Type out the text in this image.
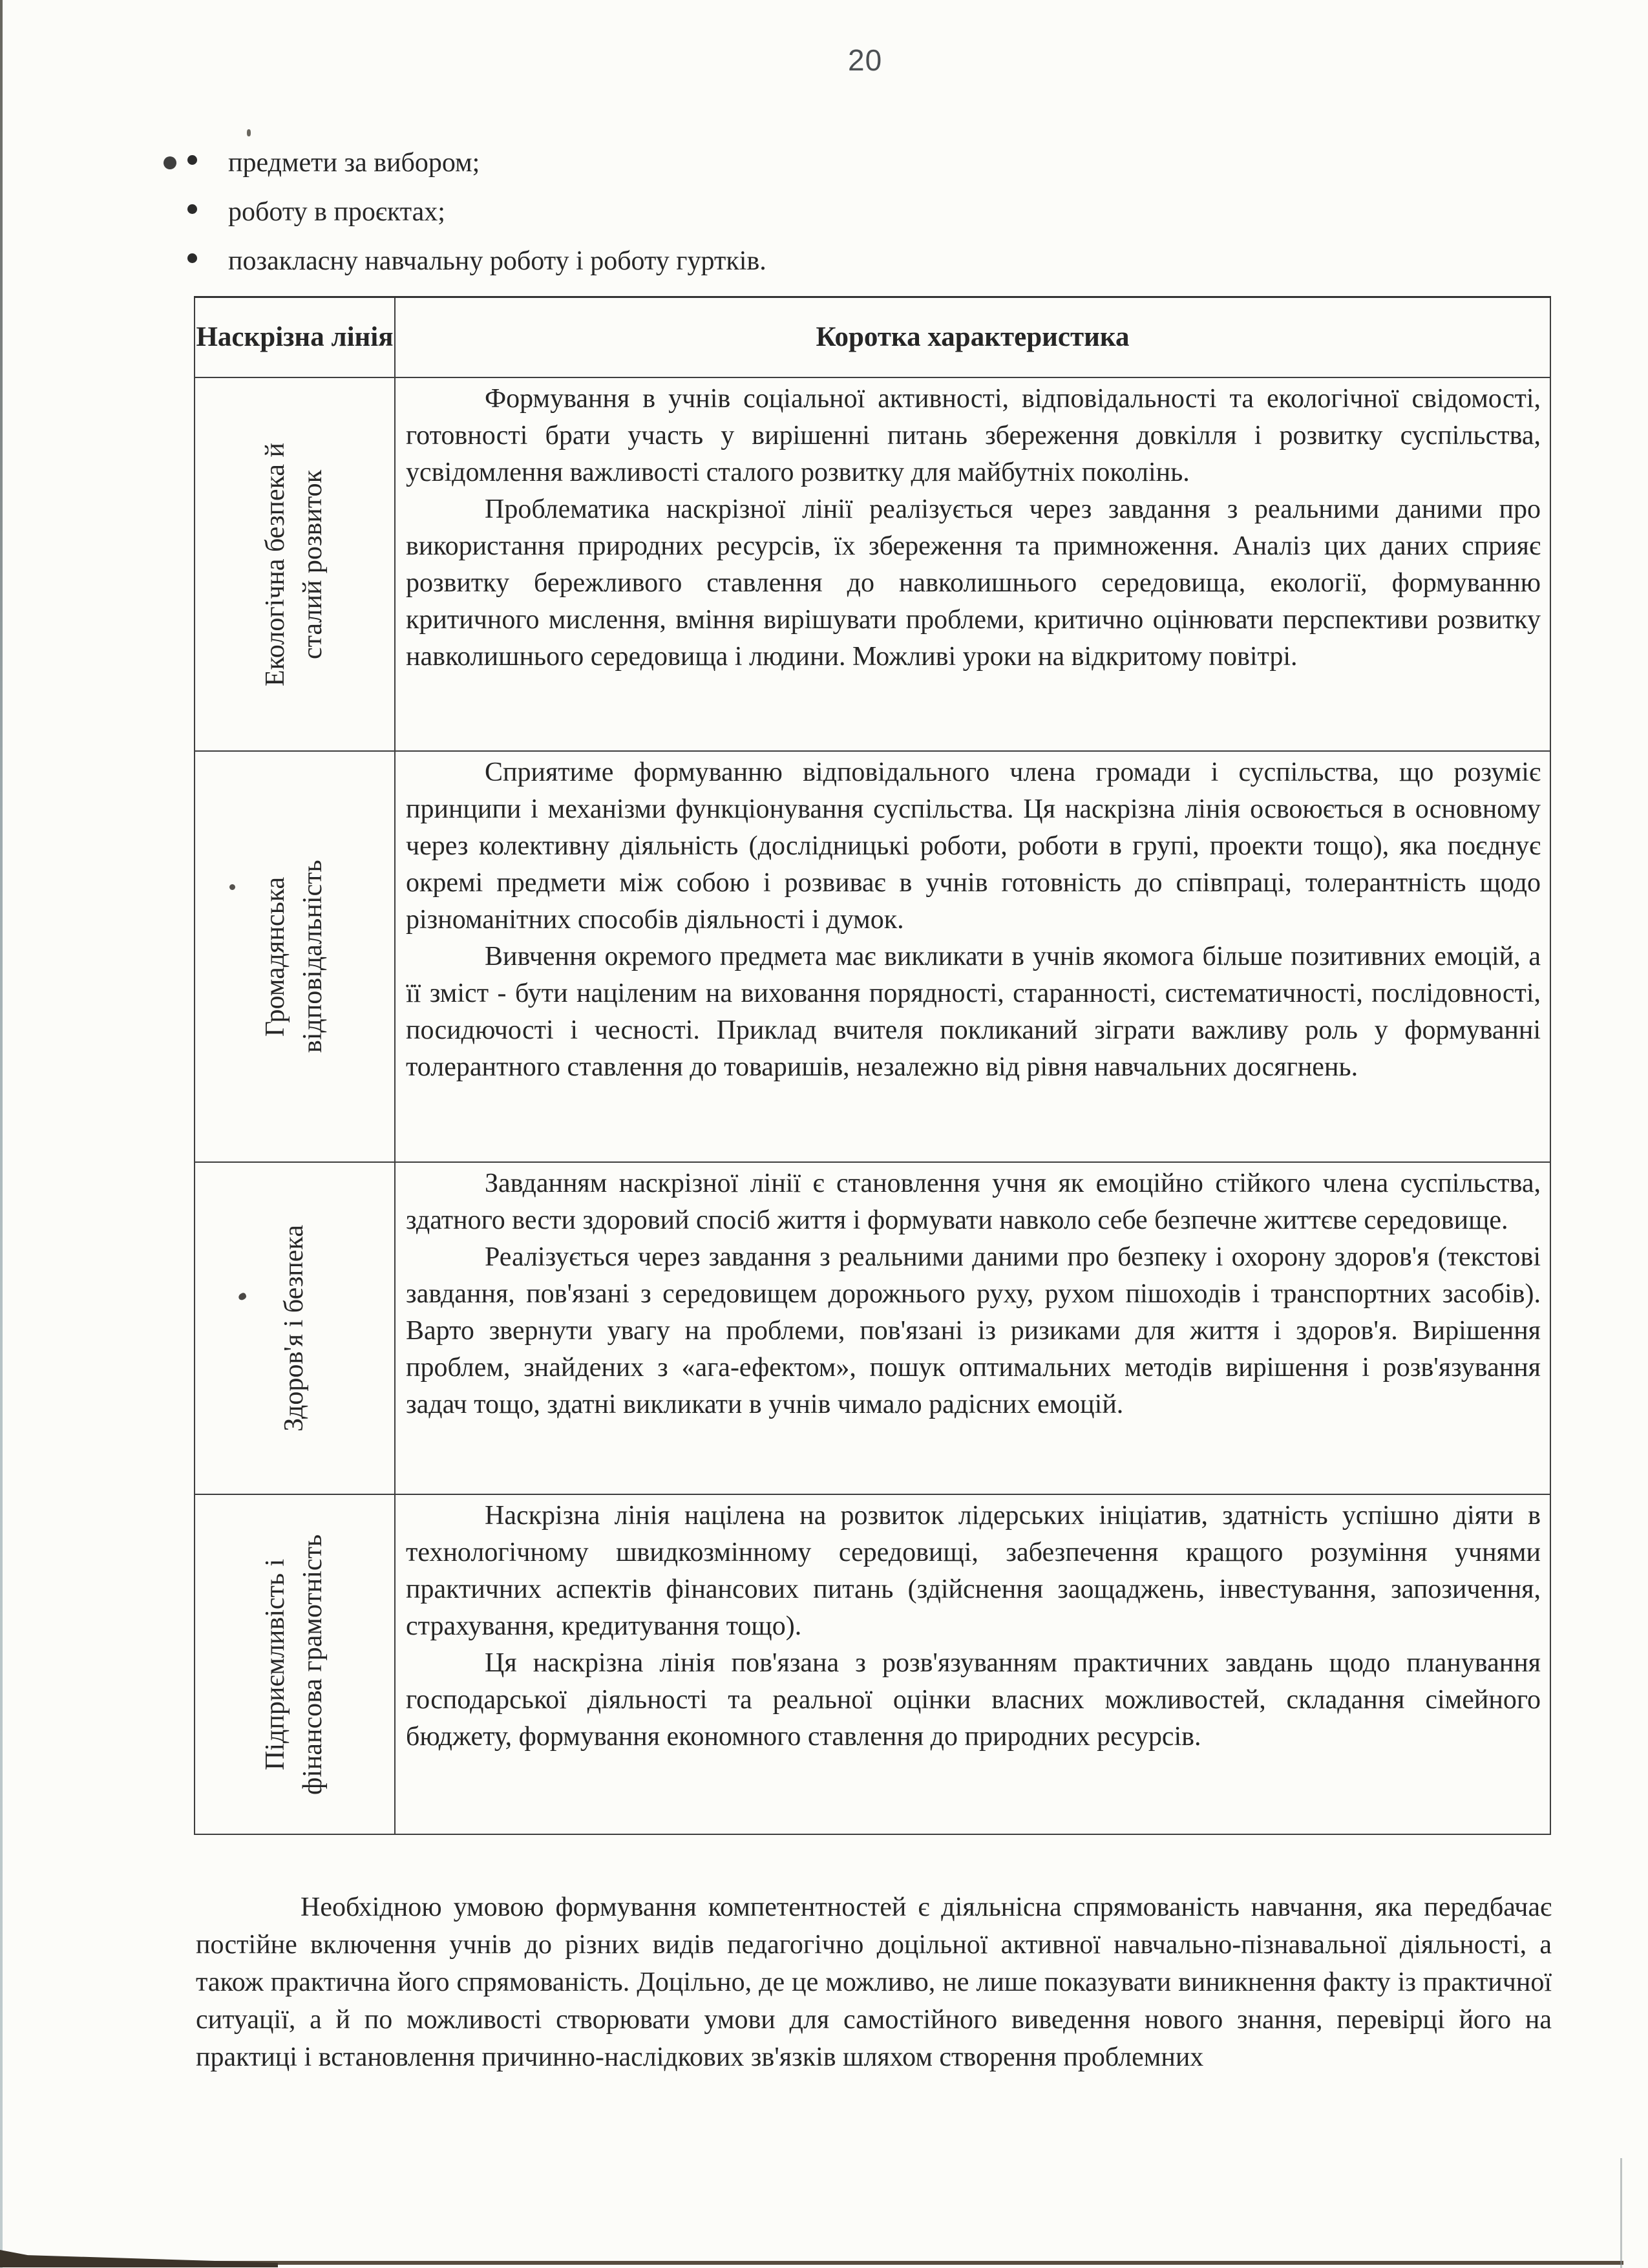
20
предмети за вибором;
роботу в проєктах;
позакласну навчальну роботу і роботу гуртків.
Наскрізна лінія	Коротка характеристика

Екологічна безпека й сталий розвиток	Формування в учнів соціальної активності, відповідальності та екологічної свідомості, готовності брати участь у вирішенні питань збереження довкілля і розвитку суспільства, усвідомлення важливості сталого розвитку для майбутніх поколінь.

Проблематика наскрізної лінії реалізується через завдання з реальними даними про використання природних ресурсів, їх збереження та примноження. Аналіз цих даних сприяє розвитку бережливого ставлення до навколишнього середовища, екології, формуванню критичного мислення, вміння вирішувати проблеми, критично оцінювати перспективи розвитку навколишнього середовища і людини. Можливі уроки на відкритому повітрі.

Громадянська відповідальність	Сприятиме формуванню відповідального члена громади і суспільства, що розуміє принципи і механізми функціонування суспільства. Ця наскрізна лінія освоюється в основному через колективну діяльність (дослідницькі роботи, роботи в групі, проекти тощо), яка поєднує окремі предмети між собою і розвиває в учнів готовність до співпраці, толерантність щодо різноманітних способів діяльності і думок.

Вивчення окремого предмета має викликати в учнів якомога більше позитивних емоцій, а її зміст - бути націленим на виховання порядності, старанності, систематичності, послідовності, посидючості і чесності. Приклад вчителя покликаний зіграти важливу роль у формуванні толерантного ставлення до товаришів, незалежно від рівня навчальних досягнень.

Здоров'я і безпека	Завданням наскрізної лінії є становлення учня як емоційно стійкого члена суспільства, здатного вести здоровий спосіб життя і формувати навколо себе безпечне життєве середовище.

Реалізується через завдання з реальними даними про безпеку і охорону здоров'я (текстові завдання, пов'язані з середовищем дорожнього руху, рухом пішоходів і транспортних засобів). Варто звернути увагу на проблеми, пов'язані із ризиками для життя і здоров'я. Вирішення проблем, знайдених з «ага-ефектом», пошук оптимальних методів вирішення і розв'язування задач тощо, здатні викликати в учнів чимало радісних емоцій.

Підприємливість і фінансова грамотність	Наскрізна лінія націлена на розвиток лідерських ініціатив, здатність успішно діяти в технологічному швидкозмінному середовищі, забезпечення кращого розуміння учнями практичних аспектів фінансових питань (здійснення заощаджень, інвестування, запозичення, страхування, кредитування тощо).

Ця наскрізна лінія пов'язана з розв'язуванням практичних завдань щодо планування господарської діяльності та реальної оцінки власних можливостей, складання сімейного бюджету, формування економного ставлення до природних ресурсів.

Необхідною умовою формування компетентностей є діяльнісна спрямованість навчання, яка передбачає постійне включення учнів до різних видів педагогічно доцільної активної навчально-пізнавальної діяльності, а також практична його спрямованість. Доцільно, де це можливо, не лише показувати виникнення факту із практичної ситуації, а й по можливості створювати умови для самостійного виведення нового знання, перевірці його на практиці і встановлення причинно-наслідкових зв'язків шляхом створення проблемних
